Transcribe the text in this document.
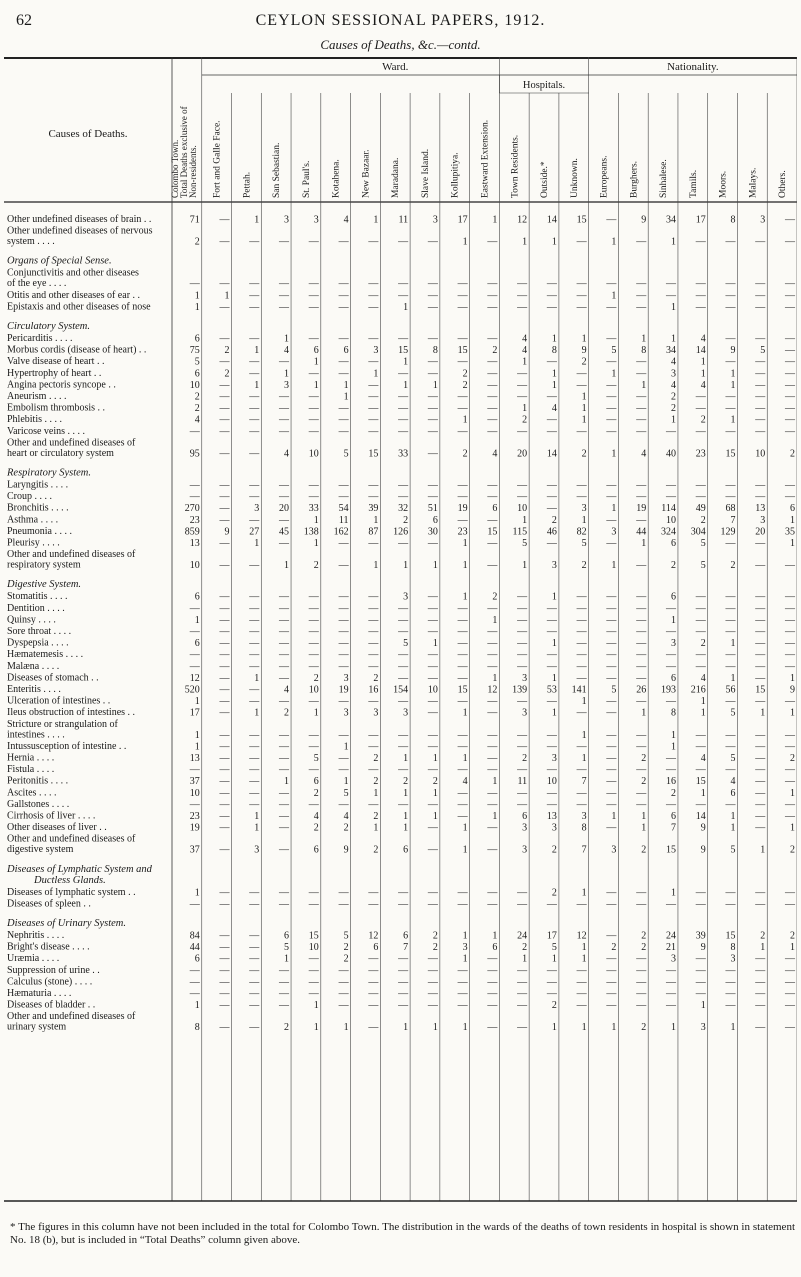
62	CEYLON SESSIONAL PAPERS, 1912.
Causes of Deaths, &c.—contd.
Causes of Deaths.
Ward.	Nationality.
Hospitals.
Colombo Town. Total Deaths exclusive of Non-residents. Fort and Galle Face. Pettah. San Sebastian. St. Paul's. Kotahena. New Bazaar. Maradana. Slave Island. Kollupitiya. Eastward Extension. Town Residents. Outside.* Unknown. Europeans. Burghers. Sinhalese. Tamils. Moors. Malays. Others.
Other undefined diseases of brain . .	71 — 1 3 3 4 1 11 3 17 1 12 14 15 — 9 34 17 8 3 —
Other undefined diseases of nervous
system . . . .	2 — — — — — — — — 1 — 1 1 — 1 — 1 — — — —
Organs of Special Sense.
Conjunctivitis and other diseases
of the eye . . . .	— — — — — — — — — — — — — — — — — — — — —
Otitis and other diseases of ear . .	1 1 — — — — — — — — — — — — 1 — — — — — —
Epistaxis and other diseases of nose	1 — — — — — — 1 — — — — — — — — 1 — — — —
Circulatory System.
Pericarditis . . . .	6 — — 1 — — — — — — — 4 1 1 — 1 1 4 — — —
Morbus cordis (disease of heart) . .	75 2 1 4 6 6 3 15 8 15 2 4 8 9 5 8 34 14 9 5 —
Valve disease of heart . .	5 — — — 1 — — 1 — — — 1 — 2 — — 4 1 — — —
Hypertrophy of heart . .	6 2 — 1 — — 1 — — 2 — — 1 — 1 — 3 1 1 — —
Angina pectoris syncope . .	10 — 1 3 1 1 — 1 1 2 — — 1 — — 1 4 4 1 — —
Aneurism . . . .	2 — — — — 1 — — — — — — — 1 — — 2 — — — —
Embolism thrombosis . .	2 — — — — — — — — — — 1 4 1 — — 2 — — — —
Phlebitis . . . .	4 — — — — — — — — 1 — 2 — 1 — — 1 2 1 — —
Varicose veins . . . .	— — — — — — — — — — — — — — — — — — — — —
Other and undefined diseases of
heart or circulatory system	95 — — 4 10 5 15 33 — 2 4 20 14 2 1 4 40 23 15 10 2
Respiratory System.
Laryngitis . . . .	— — — — — — — — — — — — — — — — — — — — —
Croup . . . .	— — — — — — — — — — — — — — — — — — — — —
Bronchitis . . . .	270 — 3 20 33 54 39 32 51 19 6 10 — 3 1 19 114 49 68 13 6
Asthma . . . .	23 — — — 1 11 1 2 6 — — 1 2 1 — — 10 2 7 3 1
Pneumonia . . . .	859 9 27 45 138 162 87 126 30 23 15 115 46 82 3 44 324 304 129 20 35
Pleurisy . . . .	13 — 1 — 1 — — — — 1 — 5 — 5 — 1 6 5 — — 1
Other and undefined diseases of
respiratory system	10 — — 1 2 — 1 1 1 1 — 1 3 2 1 — 2 5 2 — —
Digestive System.
Stomatitis . . . .	6 — — — — — — 3 — 1 2 — 1 — — — 6 — — — —
Dentition . . . .	— — — — — — — — — — — — — — — — — — — — —
Quinsy . . . .	1 — — — — — — — — — 1 — — — — — 1 — — — —
Sore throat . . . .	— — — — — — — — — — — — — — — — — — — — —
Dyspepsia . . . .	6 — — — — — — 5 1 — — — 1 — — — 3 2 1 — —
Hæmatemesis . . . .	— — — — — — — — — — — — — — — — — — — — —
Malæna . . . .	— — — — — — — — — — — — — — — — — — — — —
Diseases of stomach . .	12 — 1 — 2 3 2 — — — 1 3 1 — — — 6 4 1 — 1
Enteritis . . . .	520 — — 4 10 19 16 154 10 15 12 139 53 141 5 26 193 216 56 15 9
Ulceration of intestines . .	1 — — — — — — — — — — — — 1 — — — 1 — — —
Ileus obstruction of intestines . .	17 — 1 2 1 3 3 3 — 1 — 3 1 — — 1 8 1 5 1 1
Stricture or strangulation of
intestines . . . .	1 — — — — — — — — — — — — 1 — — 1 — — — —
Intussusception of intestine . .	1 — — — — 1 — — — — — — — — — — 1 — — — —
Hernia . . . .	13 — — — 5 — 2 1 1 1 — 2 3 1 — 2 — 4 5 — 2
Fistula . . . .	— — — — — — — — — — — — — — — — — — — — —
Peritonitis . . . .	37 — — 1 6 1 2 2 2 4 1 11 10 7 — 2 16 15 4 — —
Ascites . . . .	10 — — — 2 5 1 1 1 — — — — — — — 2 1 6 — 1
Gallstones . . . .	— — — — — — — — — — — — — — — — — — — — —
Cirrhosis of liver . . . .	23 — 1 — 4 4 2 1 1 — 1 6 13 3 1 1 6 14 1 — —
Other diseases of liver . .	19 — 1 — 2 2 1 1 — 1 — 3 3 8 — 1 7 9 1 — 1
Other and undefined diseases of
digestive system	37 — 3 — 6 9 2 6 — 1 — 3 2 7 3 2 15 9 5 1 2
Diseases of Lymphatic System and
Ductless Glands.
Diseases of lymphatic system . .	1 — — — — — — — — — — — 2 1 — — 1 — — — —
Diseases of spleen . .	— — — — — — — — — — — — — — — — — — — — —
Diseases of Urinary System.
Nephritis . . . .	84 — — 6 15 5 12 6 2 1 1 24 17 12 — 2 24 39 15 2 2
Bright's disease . . . .	44 — — 5 10 2 6 7 2 3 6 2 5 1 2 2 21 9 8 1 1
Uræmia . . . .	6 — — 1 — 2 — — — 1 — 1 1 1 — — 3 — 3 — —
Suppression of urine . .	— — — — — — — — — — — — — — — — — — — — —
Calculus (stone) . . . .	— — — — — — — — — — — — — — — — — — — — —
Hæmaturia . . . .	— — — — — — — — — — — — — — — — — — — — —
Diseases of bladder . .	1 — — — 1 — — — — — — — 2 — — — — 1 — — —
Other and undefined diseases of
urinary system	8 — — 2 1 1 — 1 1 1 — — 1 1 1 2 1 3 1 — —
* The figures in this column have not been included in the total for Colombo Town. The distribution in the wards of the deaths of town residents in hospital is shown in statement No. 18 (b), but is included in “Total Deaths” column given above.
